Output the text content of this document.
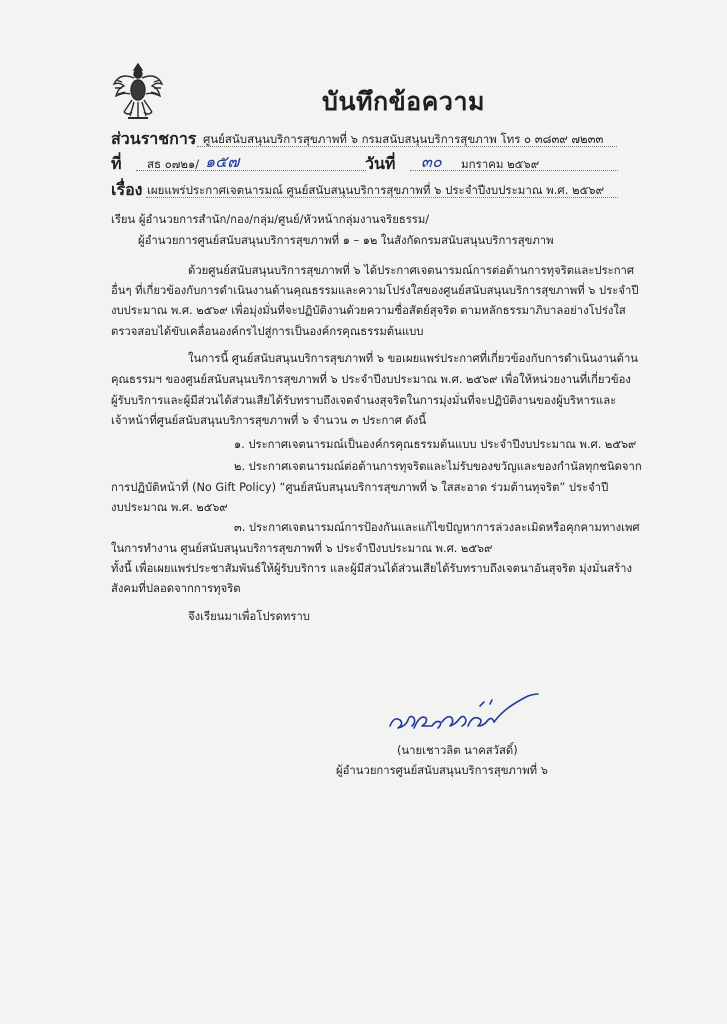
บันทึกข้อความ
ส่วนราชการ ศูนย์สนับสนุนบริการสุขภาพที่ ๖ กรมสนับสนุนบริการสุขภาพ โทร ๐ ๓๘๓๙ ๗๒๓๓
ที่ สธ ๐๗๒๑/ ๑๕๗	วันที่ ๓๐ มกราคม ๒๕๖๙
เรื่อง เผยแพร่ประกาศเจตนารมณ์ ศูนย์สนับสนุนบริการสุขภาพที่ ๖ ประจำปีงบประมาณ พ.ศ. ๒๕๖๙
เรียน ผู้อำนวยการสำนัก/กอง/กลุ่ม/ศูนย์/หัวหน้ากลุ่มงานจริยธรรม/
ผู้อำนวยการศูนย์สนับสนุนบริการสุขภาพที่ ๑ – ๑๒ ในสังกัดกรมสนับสนุนบริการสุขภาพ
ด้วยศูนย์สนับสนุนบริการสุขภาพที่ ๖ ได้ประกาศเจตนารมณ์การต่อต้านการทุจริตและประกาศ
อื่นๆ ที่เกี่ยวข้องกับการดำเนินงานด้านคุณธรรมและความโปร่งใสของศูนย์สนับสนุนบริการสุขภาพที่ ๖ ประจำปี
งบประมาณ พ.ศ. ๒๕๖๙ เพื่อมุ่งมั่นที่จะปฏิบัติงานด้วยความซื่อสัตย์สุจริต ตามหลักธรรมาภิบาลอย่างโปร่งใส
ตรวจสอบได้ขับเคลื่อนองค์กรไปสู่การเป็นองค์กรคุณธรรมต้นแบบ
ในการนี้ ศูนย์สนับสนุนบริการสุขภาพที่ ๖ ขอเผยแพร่ประกาศที่เกี่ยวข้องกับการดำเนินงานด้าน
คุณธรรมฯ ของศูนย์สนับสนุนบริการสุขภาพที่ ๖ ประจำปีงบประมาณ พ.ศ. ๒๕๖๙ เพื่อให้หน่วยงานที่เกี่ยวข้อง
ผู้รับบริการและผู้มีส่วนได้ส่วนเสียได้รับทราบถึงเจตจำนงสุจริตในการมุ่งมั่นที่จะปฏิบัติงานของผู้บริหารและ
เจ้าหน้าที่ศูนย์สนับสนุนบริการสุขภาพที่ ๖ จำนวน ๓ ประกาศ ดังนี้
๑. ประกาศเจตนารมณ์เป็นองค์กรคุณธรรมต้นแบบ ประจำปีงบประมาณ พ.ศ. ๒๕๖๙
๒. ประกาศเจตนารมณ์ต่อต้านการทุจริตและไม่รับของขวัญและของกำนัลทุกชนิดจาก
การปฏิบัติหน้าที่ (No Gift Policy) “ศูนย์สนับสนุนบริการสุขภาพที่ ๖ ใสสะอาด ร่วมต้านทุจริต” ประจำปี
งบประมาณ พ.ศ. ๒๕๖๙
๓. ประกาศเจตนารมณ์การป้องกันและแก้ไขปัญหาการล่วงละเมิดหรือคุกคามทางเพศ
ในการทำงาน ศูนย์สนับสนุนบริการสุขภาพที่ ๖ ประจำปีงบประมาณ พ.ศ. ๒๕๖๙
ทั้งนี้ เพื่อเผยแพร่ประชาสัมพันธ์ให้ผู้รับบริการ และผู้มีส่วนได้ส่วนเสียได้รับทราบถึงเจตนาอันสุจริต มุ่งมั่นสร้าง
สังคมที่ปลอดจากการทุจริต
จึงเรียนมาเพื่อโปรดทราบ
(นายเชาวลิต นาคสวัสดิ์)
ผู้อำนวยการศูนย์สนับสนุนบริการสุขภาพที่ ๖
